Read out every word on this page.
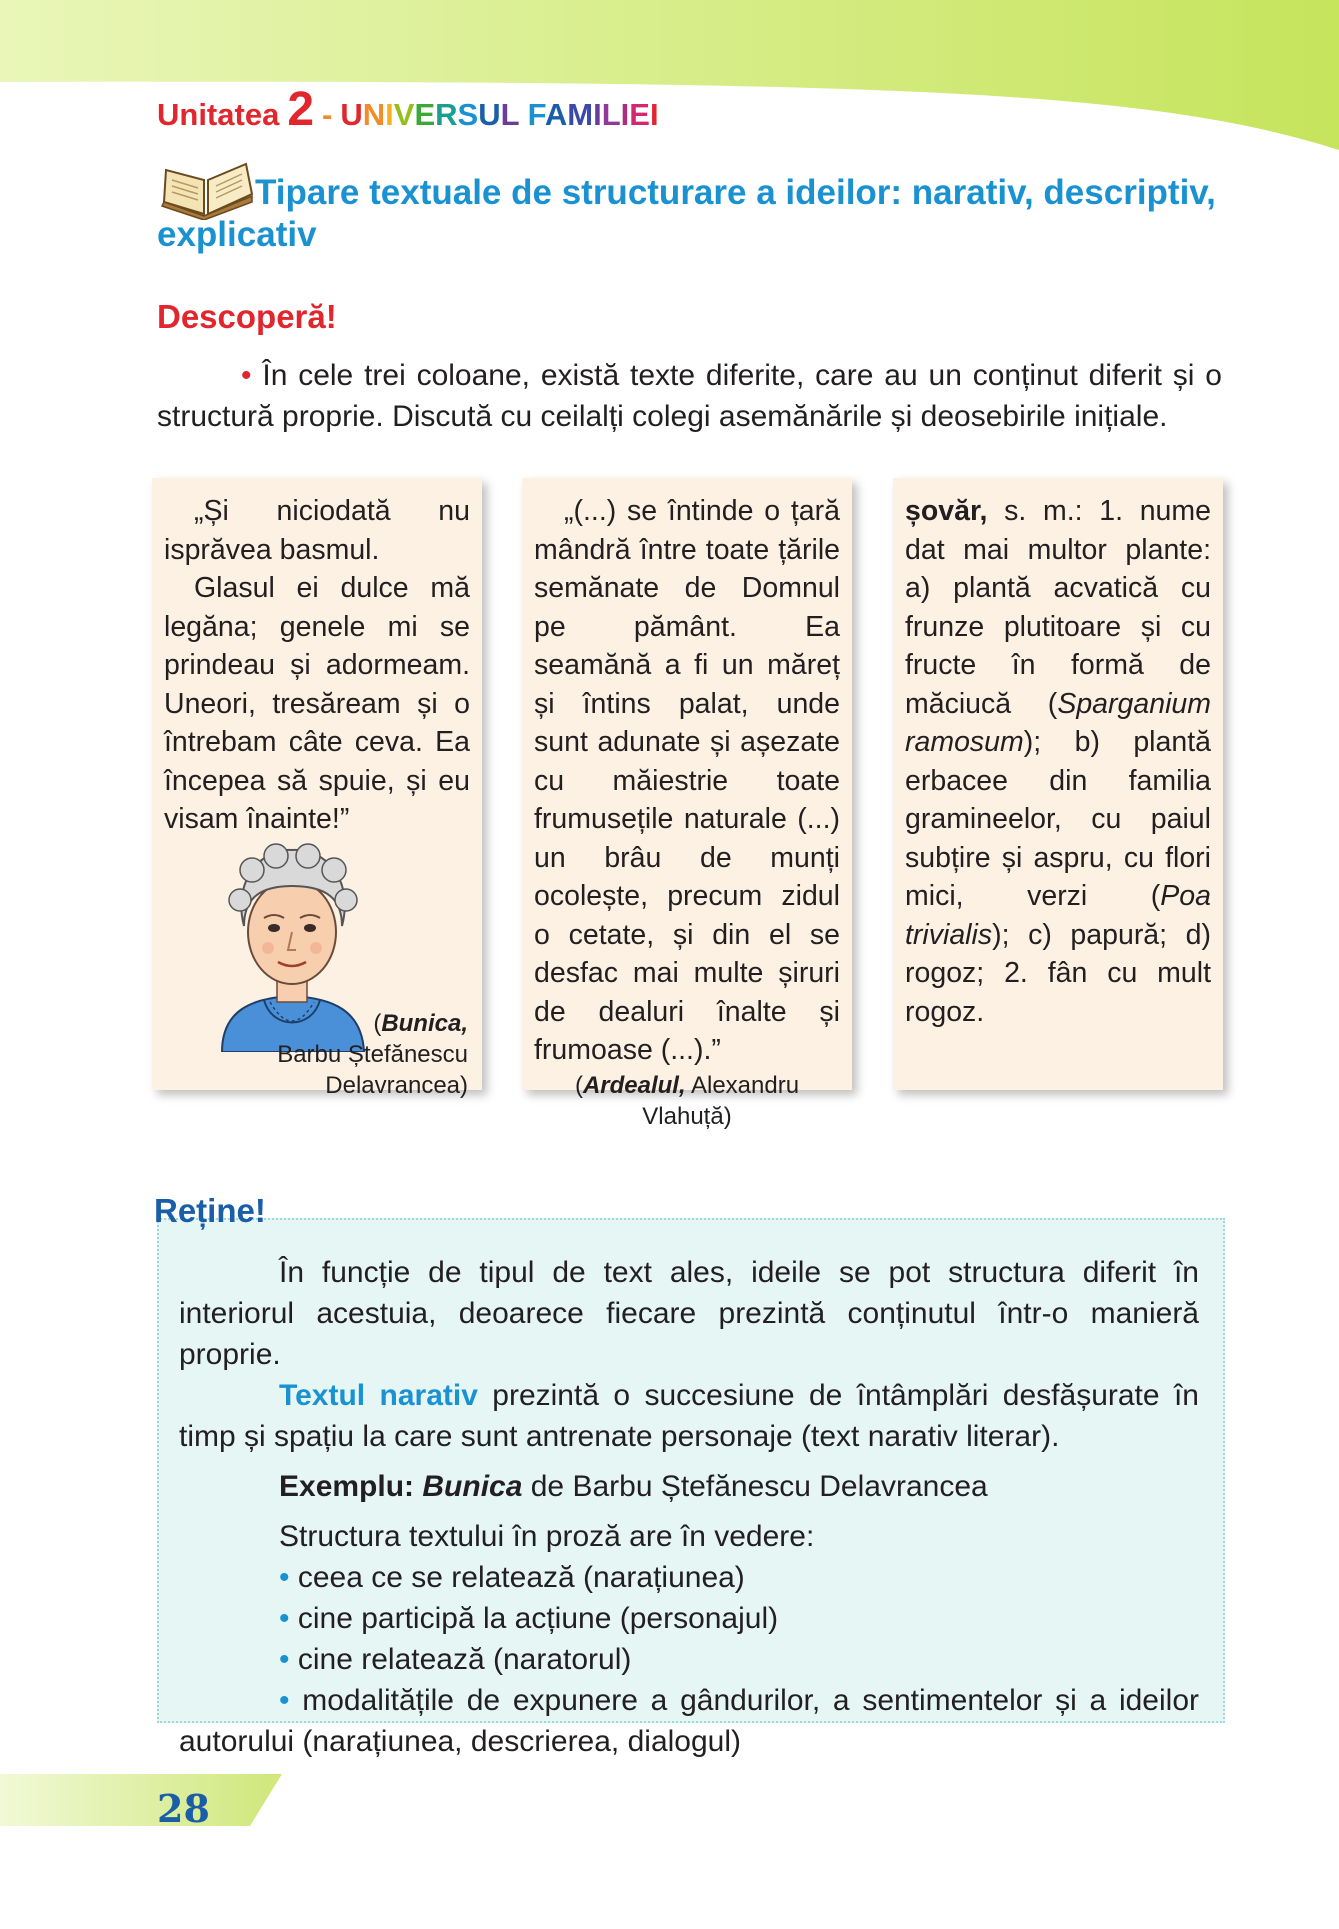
Unitatea 2 - UNIVERSUL FAMILIEI

Tipare textuale de structurare a ideilor: narativ, descriptiv, explicativ

Descoperă!

• În cele trei coloane, există texte diferite, care au un conținut diferit și o structură proprie. Discută cu ceilalți colegi asemănările și deosebirile inițiale.

„Și niciodată nu isprăvea basmul.

Glasul ei dulce mă legăna; genele mi se prindeau și adormeam. Uneori, tresăream și o întrebam câte ceva. Ea începea să spuie, și eu visam înainte!”

(Bunica,
Barbu Ștefănescu Delavrancea)

„(...) se întinde o țară mândră între toate țările semănate de Domnul pe pământ. Ea seamănă a fi un măreț și întins palat, unde sunt adunate și așezate cu măiestrie toate frumusețile naturale (...) un brâu de munți ocolește, precum zidul o cetate, și din el se desfac mai multe șiruri de dealuri înalte și frumoase (...).”

(Ardealul, Alexandru Vlahuță)

șovăr, s. m.: 1. nume dat mai multor plante: a) plantă acvatică cu frunze plutitoare și cu fructe în formă de măciucă (Sparganium ramosum); b) plantă erbacee din familia gramineelor, cu paiul subțire și aspru, cu flori mici, verzi (Poa trivialis); c) papură; d) rogoz; 2. fân cu mult rogoz.

Reține!

În funcție de tipul de text ales, ideile se pot structura diferit în interiorul acestuia, deoarece fiecare prezintă conținutul într-o manieră proprie.

Textul narativ prezintă o succesiune de întâmplări desfășurate în timp și spațiu la care sunt antrenate personaje (text narativ literar).

Exemplu: Bunica de Barbu Ștefănescu Delavrancea

Structura textului în proză are în vedere:

• ceea ce se relatează (narațiunea)

• cine participă la acțiune (personajul)

• cine relatează (naratorul)

• modalitățile de expunere a gândurilor, a sentimentelor și a ideilor autorului (narațiunea, descrierea, dialogul)

28
